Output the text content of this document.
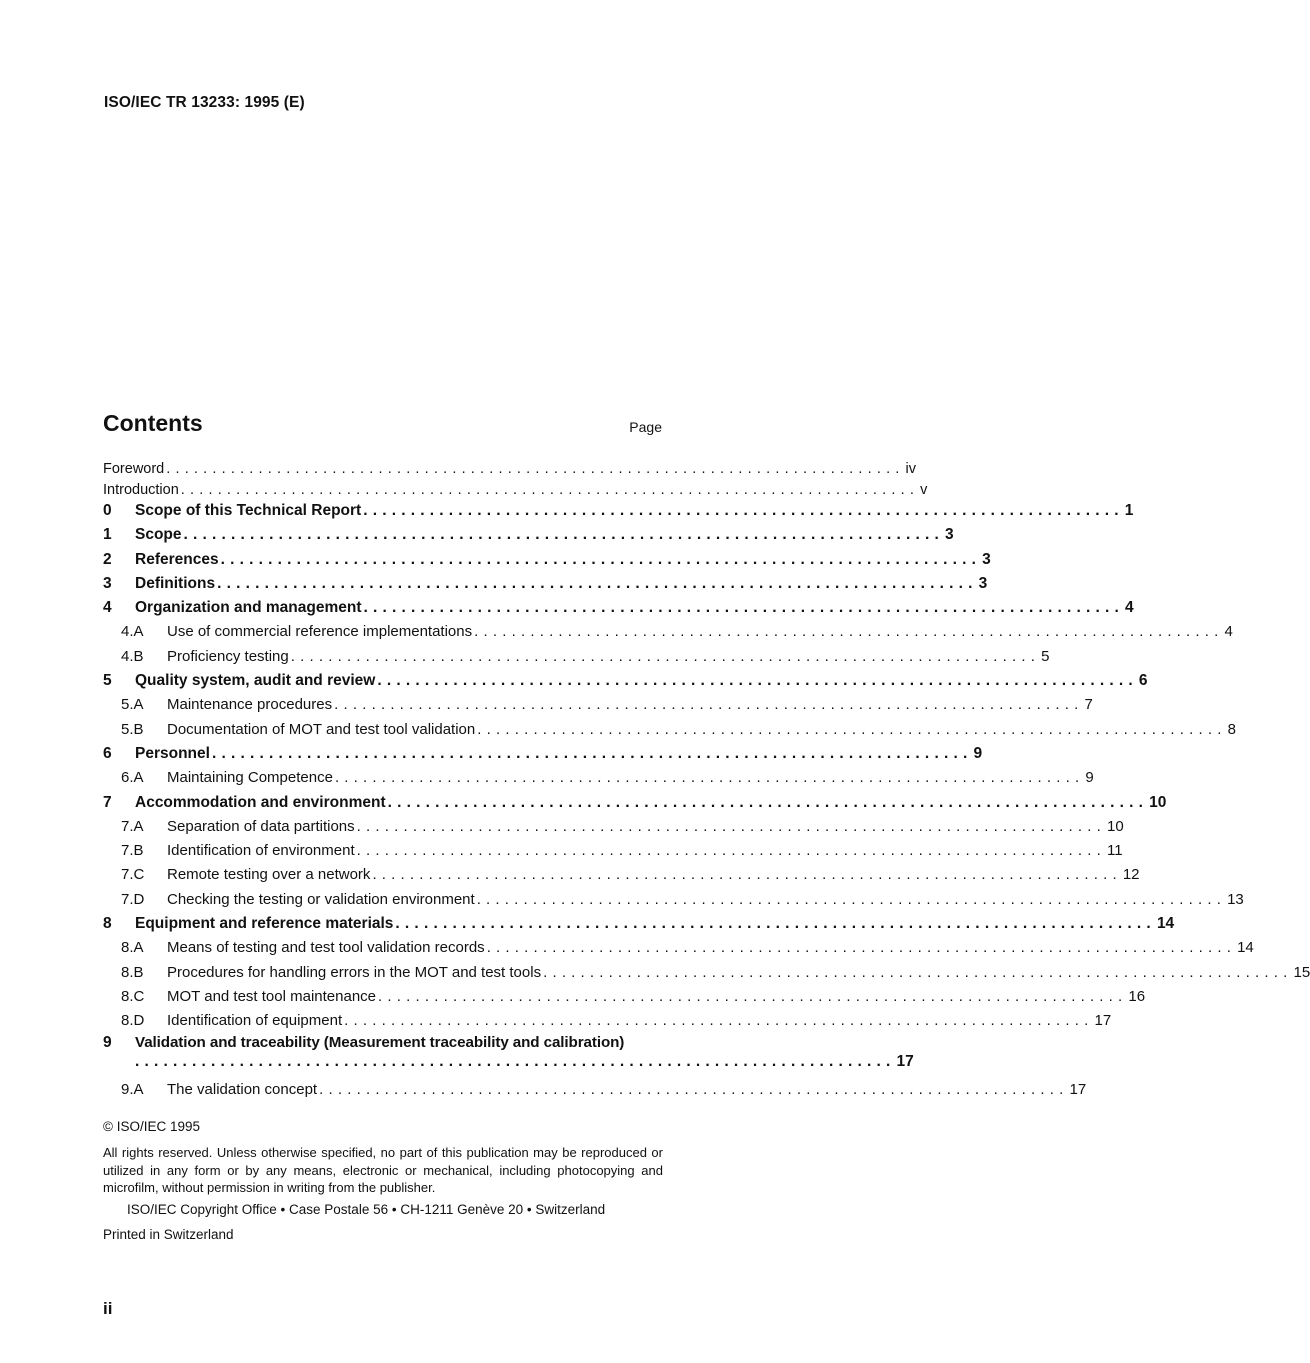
ISO/IEC TR 13233: 1995 (E)
Contents	Page
Foreword ................................................................................ iv
Introduction ................................................................................ v
0 Scope of this Technical Report ................................................................................ 1
1 Scope ................................................................................ 3
2 References ................................................................................ 3
3 Definitions ................................................................................ 3
4 Organization and management ................................................................................ 4
4.A Use of commercial reference implementations ................................................................................ 4
4.B Proficiency testing ................................................................................ 5
5 Quality system, audit and review ................................................................................ 6
5.A Maintenance procedures ................................................................................ 7
5.B Documentation of MOT and test tool validation ................................................................................ 8
6 Personnel ................................................................................ 9
6.A Maintaining Competence ................................................................................ 9
7 Accommodation and environment ................................................................................ 10
7.A Separation of data partitions ................................................................................ 10
7.B Identification of environment ................................................................................ 11
7.C Remote testing over a network ................................................................................ 12
7.D Checking the testing or validation environment ................................................................................ 13
8 Equipment and reference materials ................................................................................ 14
8.A Means of testing and test tool validation records ................................................................................ 14
8.B Procedures for handling errors in the MOT and test tools ................................................................................ 15
8.C MOT and test tool maintenance ................................................................................ 16
8.D Identification of equipment ................................................................................ 17
9 Validation and traceability (Measurement traceability and calibration)
................................................................................ 17
9.A The validation concept ................................................................................ 17
© ISO/IEC 1995
All rights reserved. Unless otherwise specified, no part of this publication may be reproduced or utilized in any form or by any means, electronic or mechanical, including photocopying and microfilm, without permission in writing from the publisher.
ISO/IEC Copyright Office • Case Postale 56 • CH-1211 Genève 20 • Switzerland
Printed in Switzerland
ii
